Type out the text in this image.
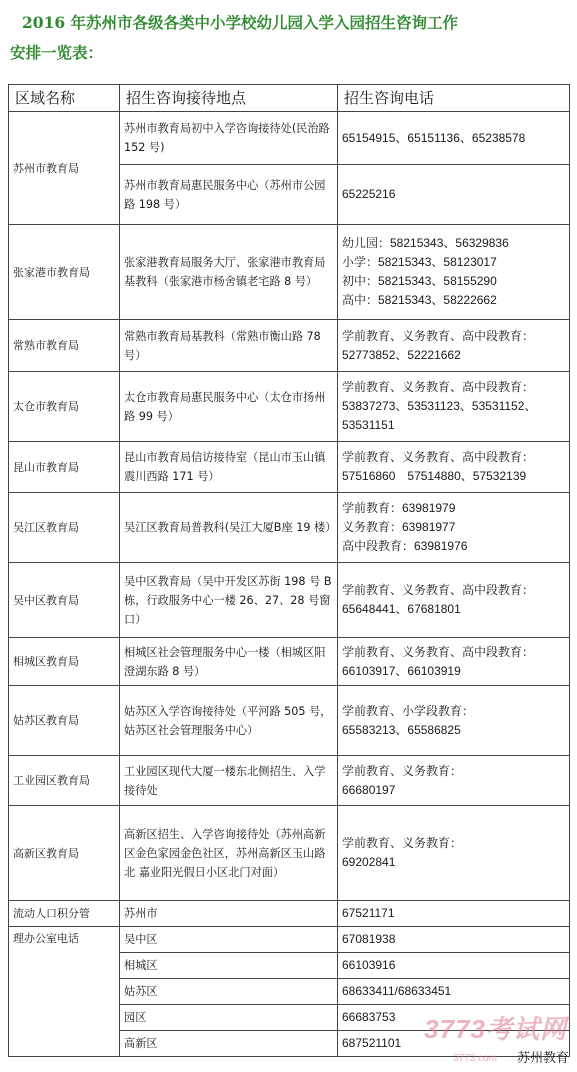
2016 年苏州市各级各类中小学校幼儿园入学入园招生咨询工作
安排一览表：
区域名称	招生咨询接待地点	招生咨询电话
苏州市教育局	苏州市教育局初中入学咨询接待处(民治路 152 号)	65154915、65151136、65238578

	苏州市教育局惠民服务中心（苏州市公园路 198 号）	65225216

张家港市教育局	张家港教育局服务大厅、张家港市教育局基教科（张家港市杨舍镇老宅路 8 号）	幼儿园：58215343、56329836
小学：58215343、58123017
初中：58215343、58155290
高中：58215343、58222662

常熟市教育局	常熟市教育局基教科（常熟市衡山路 78 号）	学前教育、义务教育、高中段教育：
52773852、52221662

太仓市教育局	太仓市教育局惠民服务中心（太仓市扬州路 99 号）	学前教育、义务教育、高中段教育：
53837273、53531123、53531152、
53531151

昆山市教育局	昆山市教育局信访接待室（昆山市玉山镇震川西路 171 号）	学前教育、义务教育、高中段教育：
57516860　57514880、57532139

吴江区教育局	吴江区教育局普教科(吴江大厦B座 19 楼）	学前教育：63981979
义务教育：63981977
高中段教育：63981976

吴中区教育局	吴中区教育局（吴中开发区苏街 198 号 B 栋，行政服务中心一楼 26、27、28 号窗口）	学前教育、义务教育、高中段教育：
65648441、67681801

相城区教育局	相城区社会管理服务中心一楼（相城区阳澄湖东路 8 号）	学前教育、义务教育、高中段教育：
66103917、66103919

姑苏区教育局	姑苏区入学咨询接待处（平河路 505 号，姑苏区社会管理服务中心）	学前教育、小学段教育：
65583213、65586825

工业园区教育局	工业园区现代大厦一楼东北侧招生、入学接待处	学前教育、义务教育：
66680197

高新区教育局	高新区招生、入学咨询接待处（苏州高新区金色家园金色社区，苏州高新区玉山路北 嘉业阳光假日小区北门对面）	学前教育、义务教育：
69202841

流动人口积分管	苏州市	67521171

理办公室电话	吴中区	67081938
	相城区	66103916
	姑苏区	68633411/68633451
	园区	66683753
	高新区	687521101 3773考试网
3773.com 苏州教育
